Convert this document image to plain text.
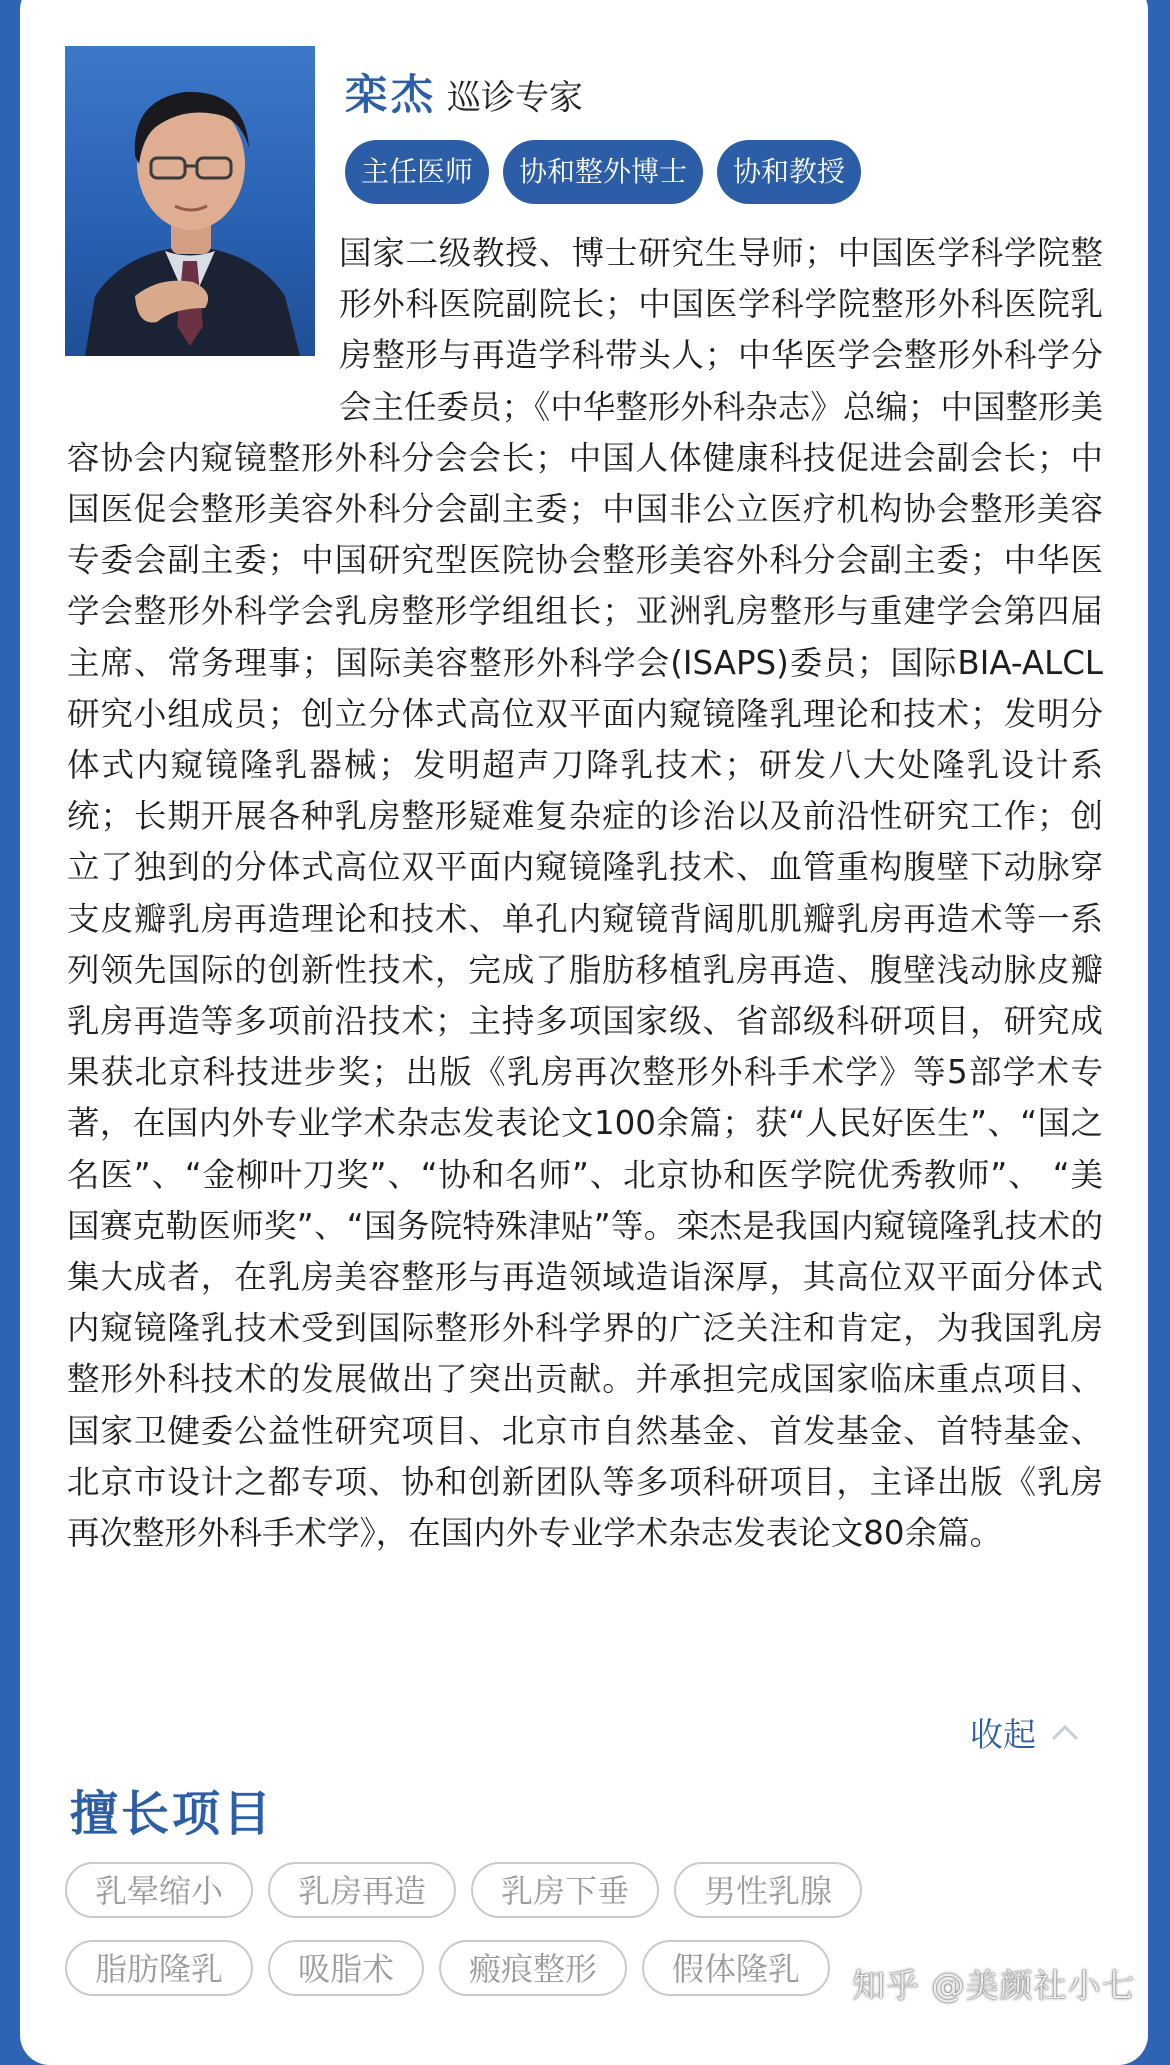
栾杰 巡诊专家
主任医师	协和整外博士	协和教授
国家二级教授、博士研究生导师；中国医学科学院整形外科医院副院长；中国医学科学院整形外科医院乳房整形与再造学科带头人；中华医学会整形外科学分会主任委员；《中华整形外科杂志》总编；中国整形美容协会内窥镜整形外科分会会长；中国人体健康科技促进会副会长；中国医促会整形美容外科分会副主委；中国非公立医疗机构协会整形美容专委会副主委；中国研究型医院协会整形美容外科分会副主委；中华医学会整形外科学会乳房整形学组组长；亚洲乳房整形与重建学会第四届主席、常务理事；国际美容整形外科学会(ISAPS)委员；国际BIA-ALCL研究小组成员；创立分体式高位双平面内窥镜隆乳理论和技术；发明分体式内窥镜隆乳器械；发明超声刀降乳技术；研发八大处隆乳设计系统；长期开展各种乳房整形疑难复杂症的诊治以及前沿性研究工作；创立了独到的分体式高位双平面内窥镜隆乳技术、血管重构腹壁下动脉穿支皮瓣乳房再造理论和技术、单孔内窥镜背阔肌肌瓣乳房再造术等一系列领先国际的创新性技术，完成了脂肪移植乳房再造、腹壁浅动脉皮瓣乳房再造等多项前沿技术；主持多项国家级、省部级科研项目，研究成果获北京科技进步奖；出版《乳房再次整形外科手术学》等5部学术专著，在国内外专业学术杂志发表论文100余篇；获“人民好医生”、“国之名医”、“金柳叶刀奖”、“协和名师”、北京协和医学院优秀教师”、 “美国赛克勒医师奖”、“国务院特殊津贴”等。栾杰是我国内窥镜隆乳技术的集大成者，在乳房美容整形与再造领域造诣深厚，其高位双平面分体式内窥镜隆乳技术受到国际整形外科学界的广泛关注和肯定，为我国乳房整形外科技术的发展做出了突出贡献。并承担完成国家临床重点项目、国家卫健委公益性研究项目、北京市自然基金、首发基金、首特基金、北京市设计之都专项、协和创新团队等多项科研项目，主译出版《乳房再次整形外科手术学》，在国内外专业学术杂志发表论文80余篇。
收起
擅长项目
乳晕缩小	乳房再造	乳房下垂	男性乳腺
脂肪隆乳	吸脂术	瘢痕整形	假体隆乳	知乎 @美颜社小七
